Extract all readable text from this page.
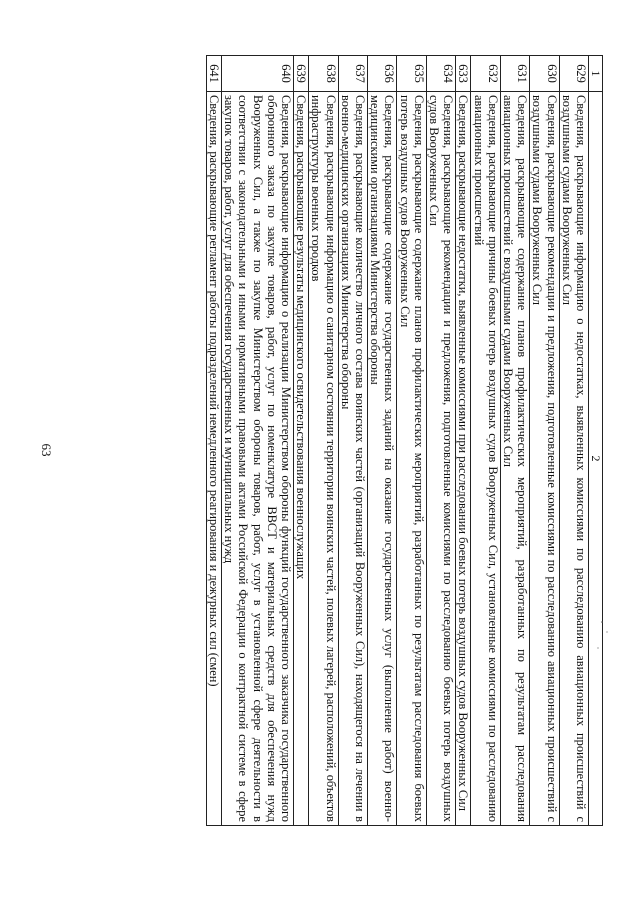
63
1	2
629	Сведения, раскрывающие информацию о недостатках, выявленных комиссиями по расследованию авиационных происшествий с воздушными судами Вооруженных Сил
630	Сведения, раскрывающие рекомендации и предложения, подготовленные комиссиями по расследованию авиационных происшествий с воздушными судами Вооруженных Сил
631	Сведения, раскрывающие содержание планов профилактических мероприятий, разработанных по результатам расследования авиационных происшествий с воздушными судами Вооруженных Сил
632	Сведения, раскрывающие причины боевых потерь воздушных судов Вооруженных Сил, установленные комиссиями по расследованию авиационных происшествий
633	Сведения, раскрывающие недостатки, выявленные комиссиями при расследовании боевых потерь воздушных судов Вооруженных Сил
634	Сведения, раскрывающие рекомендации и предложения, подготовленные комиссиями по расследованию боевых потерь воздушных судов Вооруженных Сил
635	Сведения, раскрывающие содержание планов профилактических мероприятий, разработанных по результатам расследования боевых потерь воздушных судов Вооруженных Сил
636	Сведения, раскрывающие содержание государственных заданий на оказание государственных услуг (выполнение работ) военно-медицинскими организациями Министерства обороны
637	Сведения, раскрывающие количество личного состава воинских частей (организаций Вооруженных Сил), находящегося на лечении в военно-медицинских организациях Министерства обороны
638	Сведения, раскрывающие информацию о санитарном состоянии территории воинских частей, полевых лагерей, расположений, объектов инфраструктуры военных городков
639	Сведения, раскрывающие результаты медицинского освидетельствования военнослужащих
640	Сведения, раскрывающие информацию о реализации Министерством обороны функций государственного заказчика государственного оборонного заказа по закупке товаров, работ, услуг по номенклатуре ВВСТ и материальных средств для обеспечения нужд Вооруженных Сил, а также по закупке Министерством обороны товаров, работ, услуг в установленной сфере деятельности в соответствии с законодательными и иными нормативными правовыми актами Российской Федерации о контрактной системе в сфере закупок товаров, работ, услуг для обеспечения государственных и муниципальных нужд
641	Сведения, раскрывающие регламент работы подразделений немедленного реагирования и дежурных сил (смен)
